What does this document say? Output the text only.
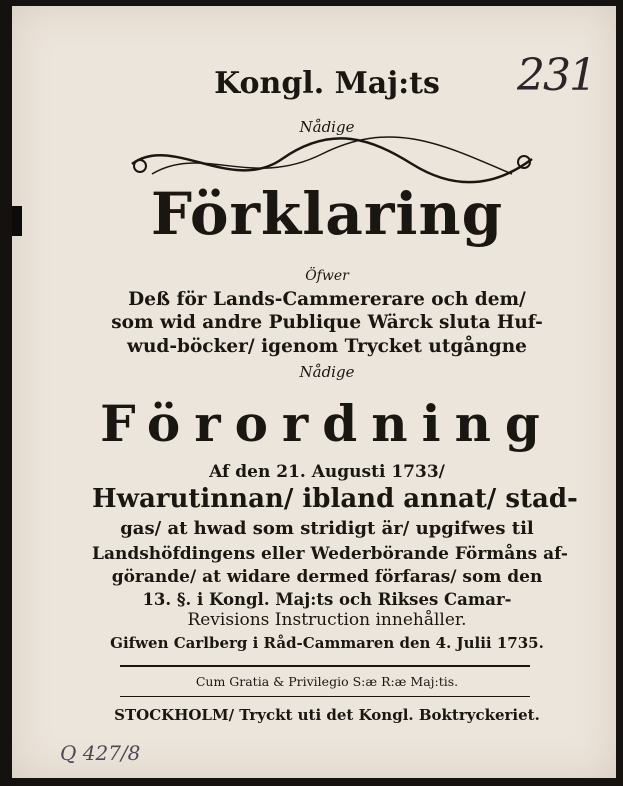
231
Kongl. Maj:ts
Nådige
Förklaring
Öfwer
Deß för Lands-Cammererare och dem/
som wid andre Publique Wärck sluta Huf-
wud-böcker/ igenom Trycket utgångne
Nådige
Förordning
Af den 21. Augusti 1733/
Hwarutinnan/ ibland annat/ stad-
gas/ at hwad som stridigt är/ upgifwes til
Landshöfdingens eller Wederbörande Förmåns af-
görande/ at widare dermed förfaras/ som den
13. §. i Kongl. Maj:ts och Rikses Camar-
Revisions Instruction innehåller.
Gifwen Carlberg i Råd-Cammaren den 4. Julii 1735.
Cum Gratia & Privilegio S:æ R:æ Maj:tis.
STOCKHOLM/ Tryckt uti det Kongl. Boktryckeriet.
Q 427/8
